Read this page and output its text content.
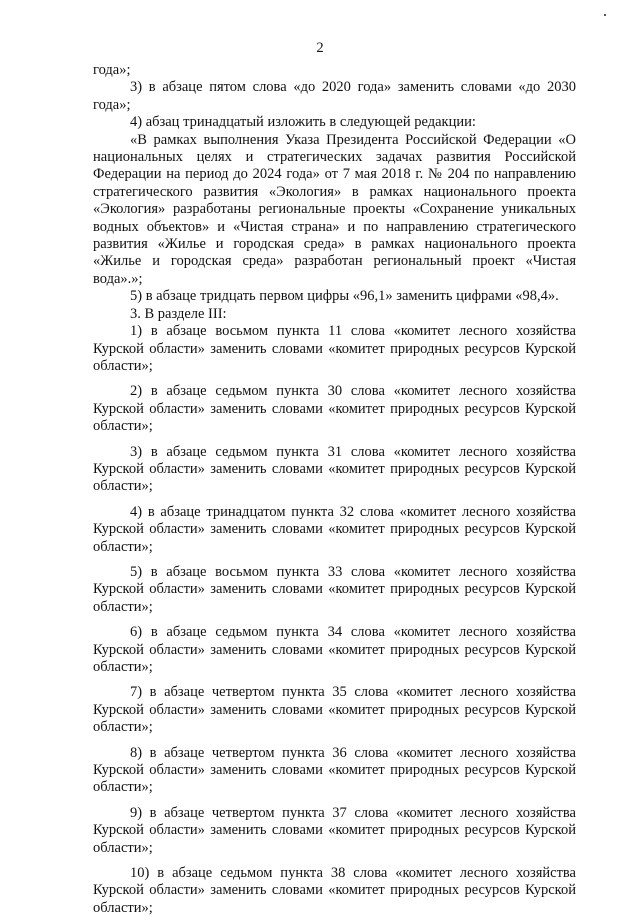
2

года»;

3) в абзаце пятом слова «до 2020 года» заменить словами «до 2030 года»;

4) абзац тринадцатый изложить в следующей редакции:

«В рамках выполнения Указа Президента Российской Федерации «О национальных целях и стратегических задачах развития Российской Федерации на период до 2024 года» от 7 мая 2018 г. № 204 по направлению стратегического развития «Экология» в рамках национального проекта «Экология» разработаны региональные проекты «Сохранение уникальных водных объектов» и «Чистая страна» и по направлению стратегического развития «Жилье и городская среда» в рамках национального проекта «Жилье и городская среда» разработан региональный проект «Чистая вода».»;

5) в абзаце тридцать первом цифры «96,1» заменить цифрами «98,4».

3. В разделе III:

1) в абзаце восьмом пункта 11 слова «комитет лесного хозяйства Курской области» заменить словами «комитет природных ресурсов Курской области»;

2) в абзаце седьмом пункта 30 слова «комитет лесного хозяйства Курской области» заменить словами «комитет природных ресурсов Курской области»;

3) в абзаце седьмом пункта 31 слова «комитет лесного хозяйства Курской области» заменить словами «комитет природных ресурсов Курской области»;

4) в абзаце тринадцатом пункта 32 слова «комитет лесного хозяйства Курской области» заменить словами «комитет природных ресурсов Курской области»;

5) в абзаце восьмом пункта 33 слова «комитет лесного хозяйства Курской области» заменить словами «комитет природных ресурсов Курской области»;

6) в абзаце седьмом пункта 34 слова «комитет лесного хозяйства Курской области» заменить словами «комитет природных ресурсов Курской области»;

7) в абзаце четвертом пункта 35 слова «комитет лесного хозяйства Курской области» заменить словами «комитет природных ресурсов Курской области»;

8) в абзаце четвертом пункта 36 слова «комитет лесного хозяйства Курской области» заменить словами «комитет природных ресурсов Курской области»;

9) в абзаце четвертом пункта 37 слова «комитет лесного хозяйства Курской области» заменить словами «комитет природных ресурсов Курской области»;

10) в абзаце седьмом пункта 38 слова «комитет лесного хозяйства Курской области» заменить словами «комитет природных ресурсов Курской области»;
